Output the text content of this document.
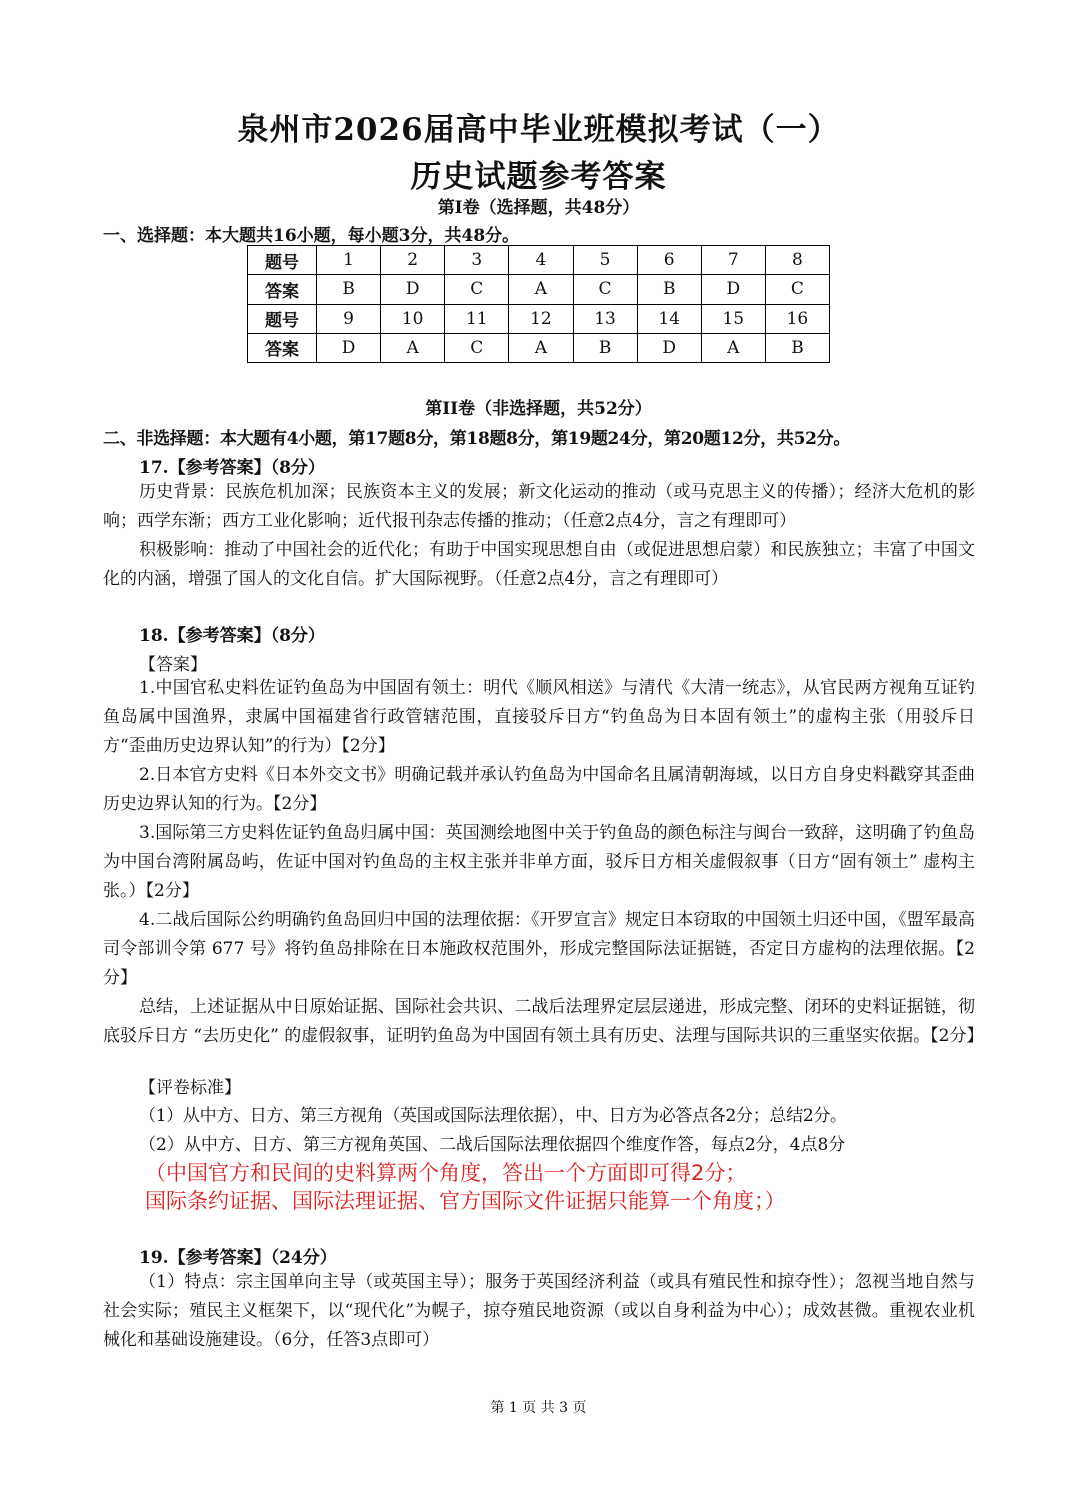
泉州市2026届高中毕业班模拟考试（一）
历史试题参考答案
第I卷（选择题，共48分）
一、选择题：本大题共16小题，每小题3分，共48分。
题号	1	2	3	4	5	6	7	8
答案	B	D	C	A	C	B	D	C
题号	9	10	11	12	13	14	15	16
答案	D	A	C	A	B	D	A	B
第II卷（非选择题，共52分）
二、非选择题：本大题有4小题，第17题8分，第18题8分，第19题24分，第20题12分，共52分。
17.【参考答案】（8分）

历史背景：民族危机加深；民族资本主义的发展；新文化运动的推动（或马克思主义的传播）；经济大危机的影响；西学东渐；西方工业化影响；近代报刊杂志传播的推动；（任意2点4分，言之有理即可）

积极影响：推动了中国社会的近代化；有助于中国实现思想自由（或促进思想启蒙）和民族独立；丰富了中国文化的内涵，增强了国人的文化自信。扩大国际视野。（任意2点4分，言之有理即可）

18.【参考答案】（8分）
【答案】

1.中国官私史料佐证钓鱼岛为中国固有领土：明代《顺风相送》与清代《大清一统志》，从官民两方视角互证钓鱼岛属中国渔界，隶属中国福建省行政管辖范围，直接驳斥日方“钓鱼岛为日本固有领土”的虚构主张（用驳斥日方“歪曲历史边界认知”的行为）【2分】

2.日本官方史料《日本外交文书》明确记载并承认钓鱼岛为中国命名且属清朝海域，以日方自身史料戳穿其歪曲历史边界认知的行为。【2分】

3.国际第三方史料佐证钓鱼岛归属中国：英国测绘地图中关于钓鱼岛的颜色标注与闽台一致辞，这明确了钓鱼岛为中国台湾附属岛屿，佐证中国对钓鱼岛的主权主张并非单方面，驳斥日方相关虚假叙事（日方“固有领土” 虚构主张。）【2分】

4.二战后国际公约明确钓鱼岛回归中国的法理依据：《开罗宣言》规定日本窃取的中国领土归还中国，《盟军最高司令部训令第 677 号》将钓鱼岛排除在日本施政权范围外，形成完整国际法证据链，否定日方虚构的法理依据。【2分】

总结，上述证据从中日原始证据、国际社会共识、二战后法理界定层层递进，形成完整、闭环的史料证据链，彻底驳斥日方 “去历史化” 的虚假叙事，证明钓鱼岛为中国固有领土具有历史、法理与国际共识的三重坚实依据。【2分】

【评卷标准】
（1）从中方、日方、第三方视角（英国或国际法理依据），中、日方为必答点各2分；总结2分。
（2）从中方、日方、第三方视角英国、二战后国际法理依据四个维度作答，每点2分，4点8分
（中国官方和民间的史料算两个角度，答出一个方面即可得2分；
国际条约证据、国际法理证据、官方国际文件证据只能算一个角度；）
19.【参考答案】（24分）

（1）特点：宗主国单向主导（或英国主导）；服务于英国经济利益（或具有殖民性和掠夺性）；忽视当地自然与社会实际；殖民主义框架下，以“现代化”为幌子，掠夺殖民地资源（或以自身利益为中心）；成效甚微。重视农业机械化和基础设施建设。（6分，任答3点即可）

第 1 页 共 3 页
